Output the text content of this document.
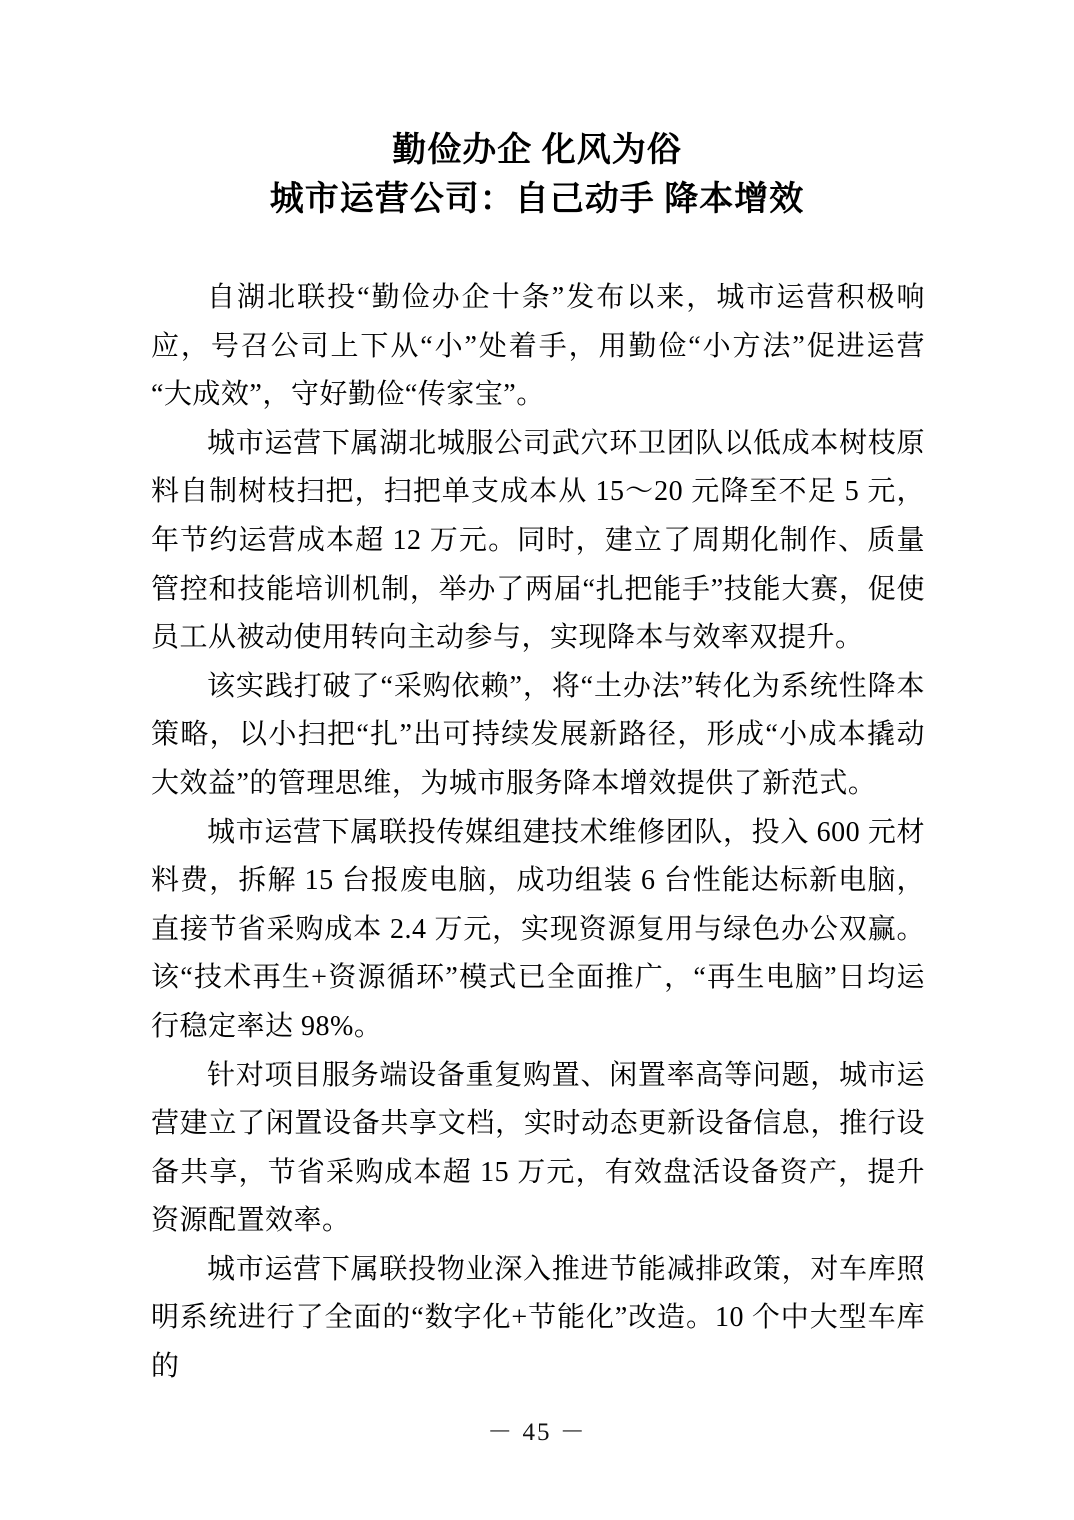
勤俭办企 化风为俗
城市运营公司：自己动手 降本增效

自湖北联投“勤俭办企十条”发布以来，城市运营积极响应，号召公司上下从“小”处着手，用勤俭“小方法”促进运营“大成效”，守好勤俭“传家宝”。

城市运营下属湖北城服公司武穴环卫团队以低成本树枝原料自制树枝扫把，扫把单支成本从 15～20 元降至不足 5 元，年节约运营成本超 12 万元。同时，建立了周期化制作、质量管控和技能培训机制，举办了两届“扎把能手”技能大赛，促使员工从被动使用转向主动参与，实现降本与效率双提升。

该实践打破了“采购依赖”，将“土办法”转化为系统性降本策略，以小扫把“扎”出可持续发展新路径，形成“小成本撬动大效益”的管理思维，为城市服务降本增效提供了新范式。

城市运营下属联投传媒组建技术维修团队，投入 600 元材料费，拆解 15 台报废电脑，成功组装 6 台性能达标新电脑，直接节省采购成本 2.4 万元，实现资源复用与绿色办公双赢。该“技术再生+资源循环”模式已全面推广，“再生电脑”日均运行稳定率达 98%。

针对项目服务端设备重复购置、闲置率高等问题，城市运营建立了闲置设备共享文档，实时动态更新设备信息，推行设备共享，节省采购成本超 15 万元，有效盘活设备资产，提升资源配置效率。

城市运营下属联投物业深入推进节能减排政策，对车库照明系统进行了全面的“数字化+节能化”改造。10 个中大型车库的

－ 45 －
